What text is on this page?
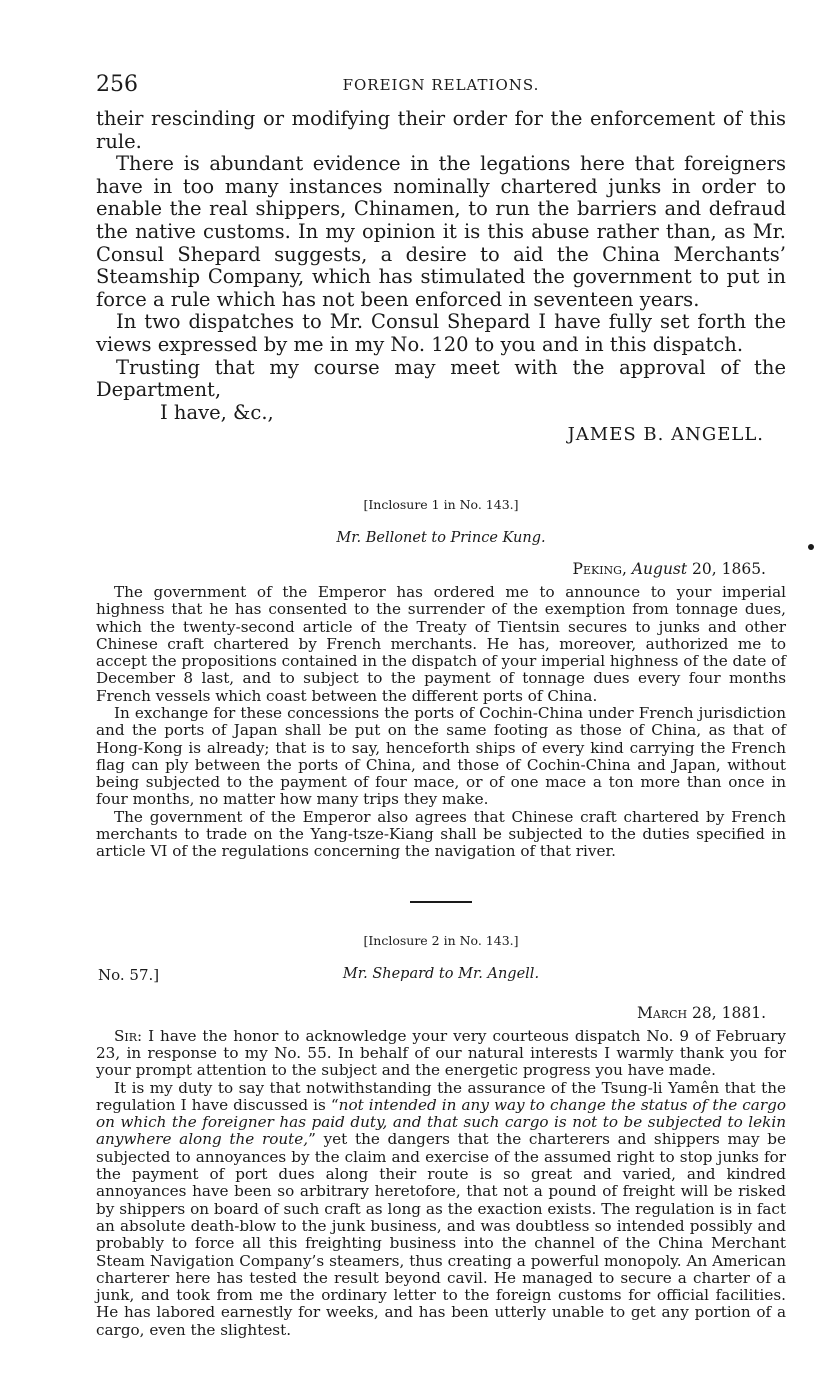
256	FOREIGN RELATIONS.

their rescinding or modifying their order for the enforcement of this rule.

There is abundant evidence in the legations here that foreigners have in too many instances nominally chartered junks in order to enable the real shippers, Chinamen, to run the barriers and defraud the native customs. In my opinion it is this abuse rather than, as Mr. Consul Shepard suggests, a desire to aid the China Merchants’ Steamship Company, which has stimulated the government to put in force a rule which has not been enforced in seventeen years.

In two dispatches to Mr. Consul Shepard I have fully set forth the views expressed by me in my No. 120 to you and in this dispatch.

Trusting that my course may meet with the approval of the Department,

I have, &c.,
JAMES B. ANGELL.
[Inclosure 1 in No. 143.]
Mr. Bellonet to Prince Kung.
Peking, August 20, 1865.

The government of the Emperor has ordered me to announce to your imperial highness that he has consented to the surrender of the exemption from tonnage dues, which the twenty-second article of the Treaty of Tientsin secures to junks and other Chinese craft chartered by French merchants. He has, moreover, authorized me to accept the propositions contained in the dispatch of your imperial highness of the date of December 8 last, and to subject to the payment of tonnage dues every four months French vessels which coast between the different ports of China.

In exchange for these concessions the ports of Cochin-China under French jurisdiction and the ports of Japan shall be put on the same footing as those of China, as that of Hong-Kong is already; that is to say, henceforth ships of every kind carrying the French flag can ply between the ports of China, and those of Cochin-China and Japan, without being subjected to the payment of four mace, or of one mace a ton more than once in four months, no matter how many trips they make.

The government of the Emperor also agrees that Chinese craft chartered by French merchants to trade on the Yang-tsze-Kiang shall be subjected to the duties specified in article VI of the regulations concerning the navigation of that river.

[Inclosure 2 in No. 143.]
No. 57.]	Mr. Shepard to Mr. Angell.
March 28, 1881.

Sir: I have the honor to acknowledge your very courteous dispatch No. 9 of February 23, in response to my No. 55. In behalf of our natural interests I warmly thank you for your prompt attention to the subject and the energetic progress you have made.

It is my duty to say that notwithstanding the assurance of the Tsung-li Yamên that the regulation I have discussed is “not intended in any way to change the status of the cargo on which the foreigner has paid duty, and that such cargo is not to be subjected to lekin anywhere along the route,” yet the dangers that the charterers and shippers may be subjected to annoyances by the claim and exercise of the assumed right to stop junks for the payment of port dues along their route is so great and varied, and kindred annoyances have been so arbitrary heretofore, that not a pound of freight will be risked by shippers on board of such craft as long as the exaction exists. The regulation is in fact an absolute death-blow to the junk business, and was doubtless so intended possibly and probably to force all this freighting business into the channel of the China Merchant Steam Navigation Company’s steamers, thus creating a powerful monopoly. An American charterer here has tested the result beyond cavil. He managed to secure a charter of a junk, and took from me the ordinary letter to the foreign customs for official facilities. He has labored earnestly for weeks, and has been utterly unable to get any portion of a cargo, even the slightest.
